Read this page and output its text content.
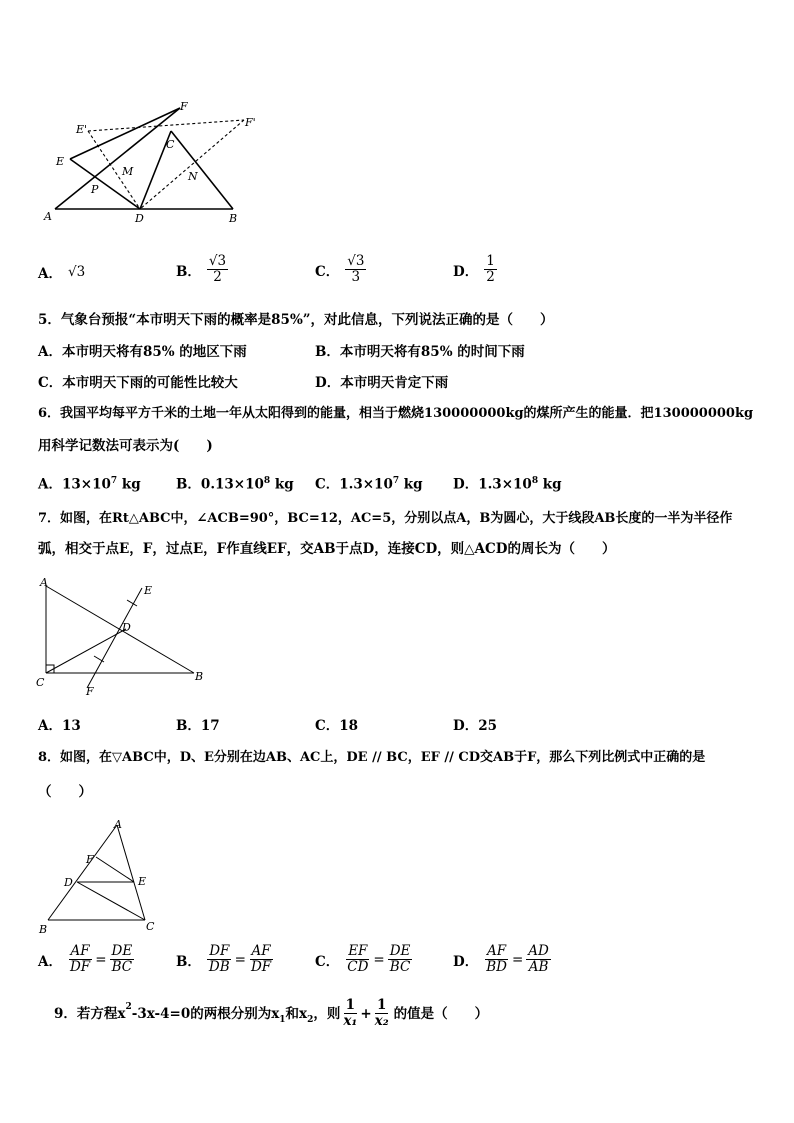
A	D	B
E
E'
F
F'
C
M	N
P
A． √3	B． $\frac{√3}{2}$	C． $\frac{√3}{3}$	D． $\frac{1}{2}$
5．气象台预报“本市明天下雨的概率是85%”，对此信息，下列说法正确的是（　　）
A．本市明天将有85% 的地区下雨	B．本市明天将有85% 的时间下雨
C．本市明天下雨的可能性比较大	D．本市明天肯定下雨
6．我国平均每平方千米的土地一年从太阳得到的能量，相当于燃烧130000000kg的煤所产生的能量．把130000000kg
用科学记数法可表示为(　　)
A．$13\times 10^7$ kg	B．$0.13\times 10^8$ kg C．$1.3\times 10^7$ kg D．$1.3\times 10^8$ kg
7．如图，在Rt△ABC中，∠ACB=90°，BC=12，AC=5，分别以点A，B为圆心，大于线段AB长度的一半为半径作
弧，相交于点E，F，过点E，F作直线EF，交AB于点D，连接CD，则△ACD的周长为（　　）
A
C	B
D
E
F
A．13	B．17	C．18	D．25
8．如图，在▽ABC中，D、E分别在边AB、AC上，DE // BC，EF // CD交AB于F，那么下列比例式中正确的是
（　　）
A
F
D	E
B	C
A． $\frac{AF}{DF} = \frac{DE}{BC}$	B． $\frac{DF}{DB} = \frac{AF}{DF}$	C． $\frac{EF}{CD} = \frac{DE}{BC}$	D． $\frac{AF}{BD} = \frac{AD}{AB}$
9．若方程$x^2$ -3x-4=0的两根分别为$x_1$ 和$x_2$ ，则 $\frac{1}{\text{x₁}} + \frac{1}{\text{x₂}}$ 的值是（　　）
